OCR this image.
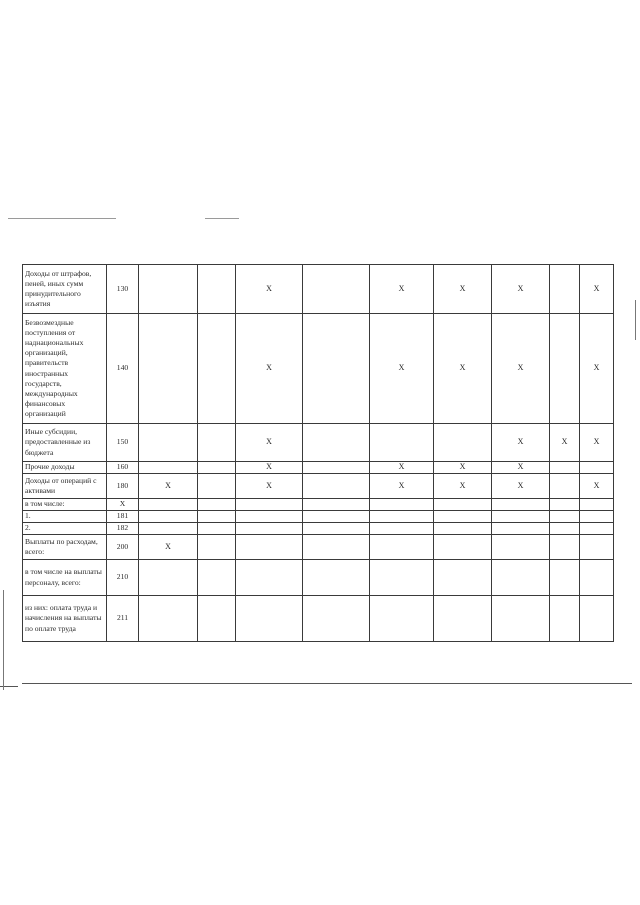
Доходы от штрафов, пеней, иных сумм принудительного изъятия	130			X		X	X	X		X
Безвозмездные поступления от наднациональных организаций, правительств иностранных государств, международных финансовых организаций	140			X		X	X	X		X
Иные субсидии, предоставленные из бюджета	150			X				X	X	X
Прочие доходы	160			X		X	X	X		
Доходы от операций с активами	180	X		X		X	X	X		X
в том числе:	X									
1.	181									
2.	182									
Выплаты по расходам, всего:	200	X								
в том числе на выплаты персоналу, всего:	210									
из них: оплата труда и начисления на выплаты по оплате труда	211									
